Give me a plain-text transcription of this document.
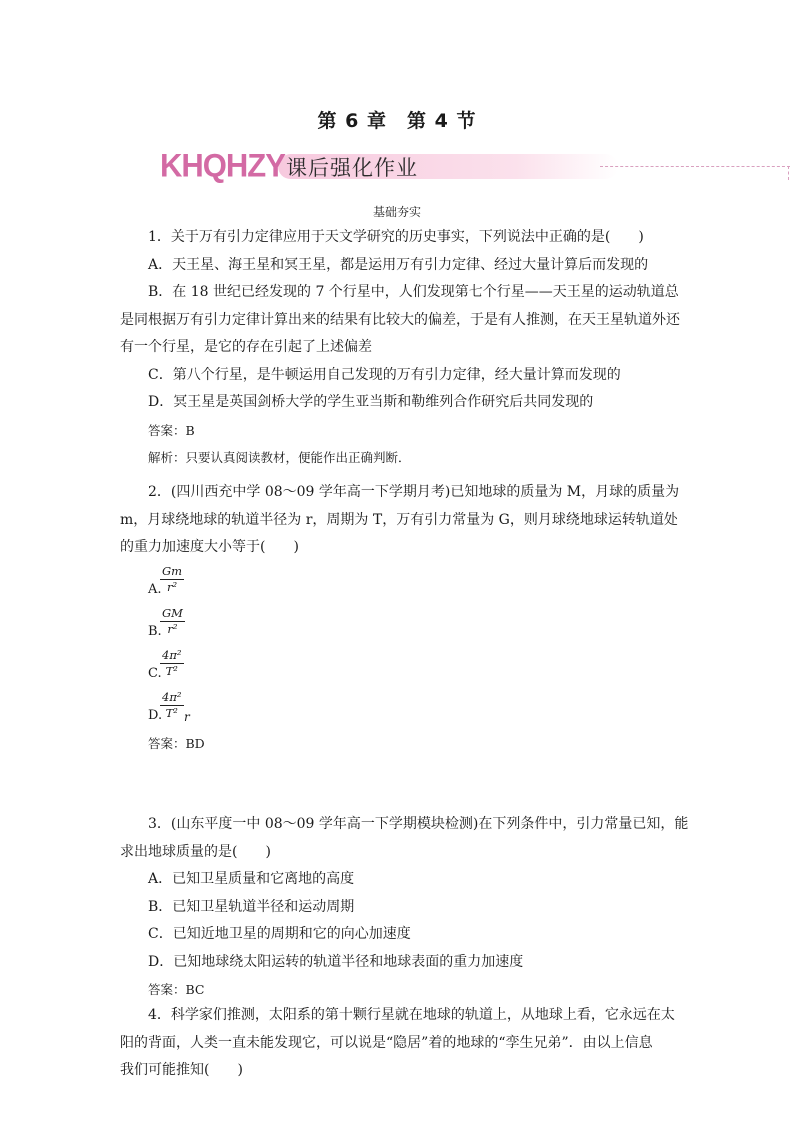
第 6 章　第 4 节
KHQHZY 课后强化作业
基础夯实
1．关于万有引力定律应用于天文学研究的历史事实，下列说法中正确的是(　　)
A．天王星、海王星和冥王星，都是运用万有引力定律、经过大量计算后而发现的
B．在 18 世纪已经发现的 7 个行星中，人们发现第七个行星——天王星的运动轨道总
是同根据万有引力定律计算出来的结果有比较大的偏差，于是有人推测，在天王星轨道外还
有一个行星，是它的存在引起了上述偏差
C．第八个行星，是牛顿运用自己发现的万有引力定律，经大量计算而发现的
D．冥王星是英国剑桥大学的学生亚当斯和勒维列合作研究后共同发现的
答案：B
解析：只要认真阅读教材，便能作出正确判断．
2．(四川西充中学 08～09 学年高一下学期月考)已知地球的质量为 M，月球的质量为
m，月球绕地球的轨道半径为 r，周期为 T，万有引力常量为 G，则月球绕地球运转轨道处
的重力加速度大小等于(　　)
A.
$\frac{Gm}{\text{r²}}$
B.
$\frac{GM}{\text{r²}}$
C.
$\frac{\text{4π²}}{\text{T²}}$
D.
$\frac{\text{4π²}}{\text{T²}}$ r
答案：BD
3．(山东平度一中 08～09 学年高一下学期模块检测)在下列条件中，引力常量已知，能
求出地球质量的是(　　)
A．已知卫星质量和它离地的高度
B．已知卫星轨道半径和运动周期
C．已知近地卫星的周期和它的向心加速度
D．已知地球绕太阳运转的轨道半径和地球表面的重力加速度
答案：BC
4．科学家们推测，太阳系的第十颗行星就在地球的轨道上，从地球上看，它永远在太
阳的背面，人类一直未能发现它，可以说是“隐居”着的地球的“孪生兄弟”．由以上信息
我们可能推知(　　)
